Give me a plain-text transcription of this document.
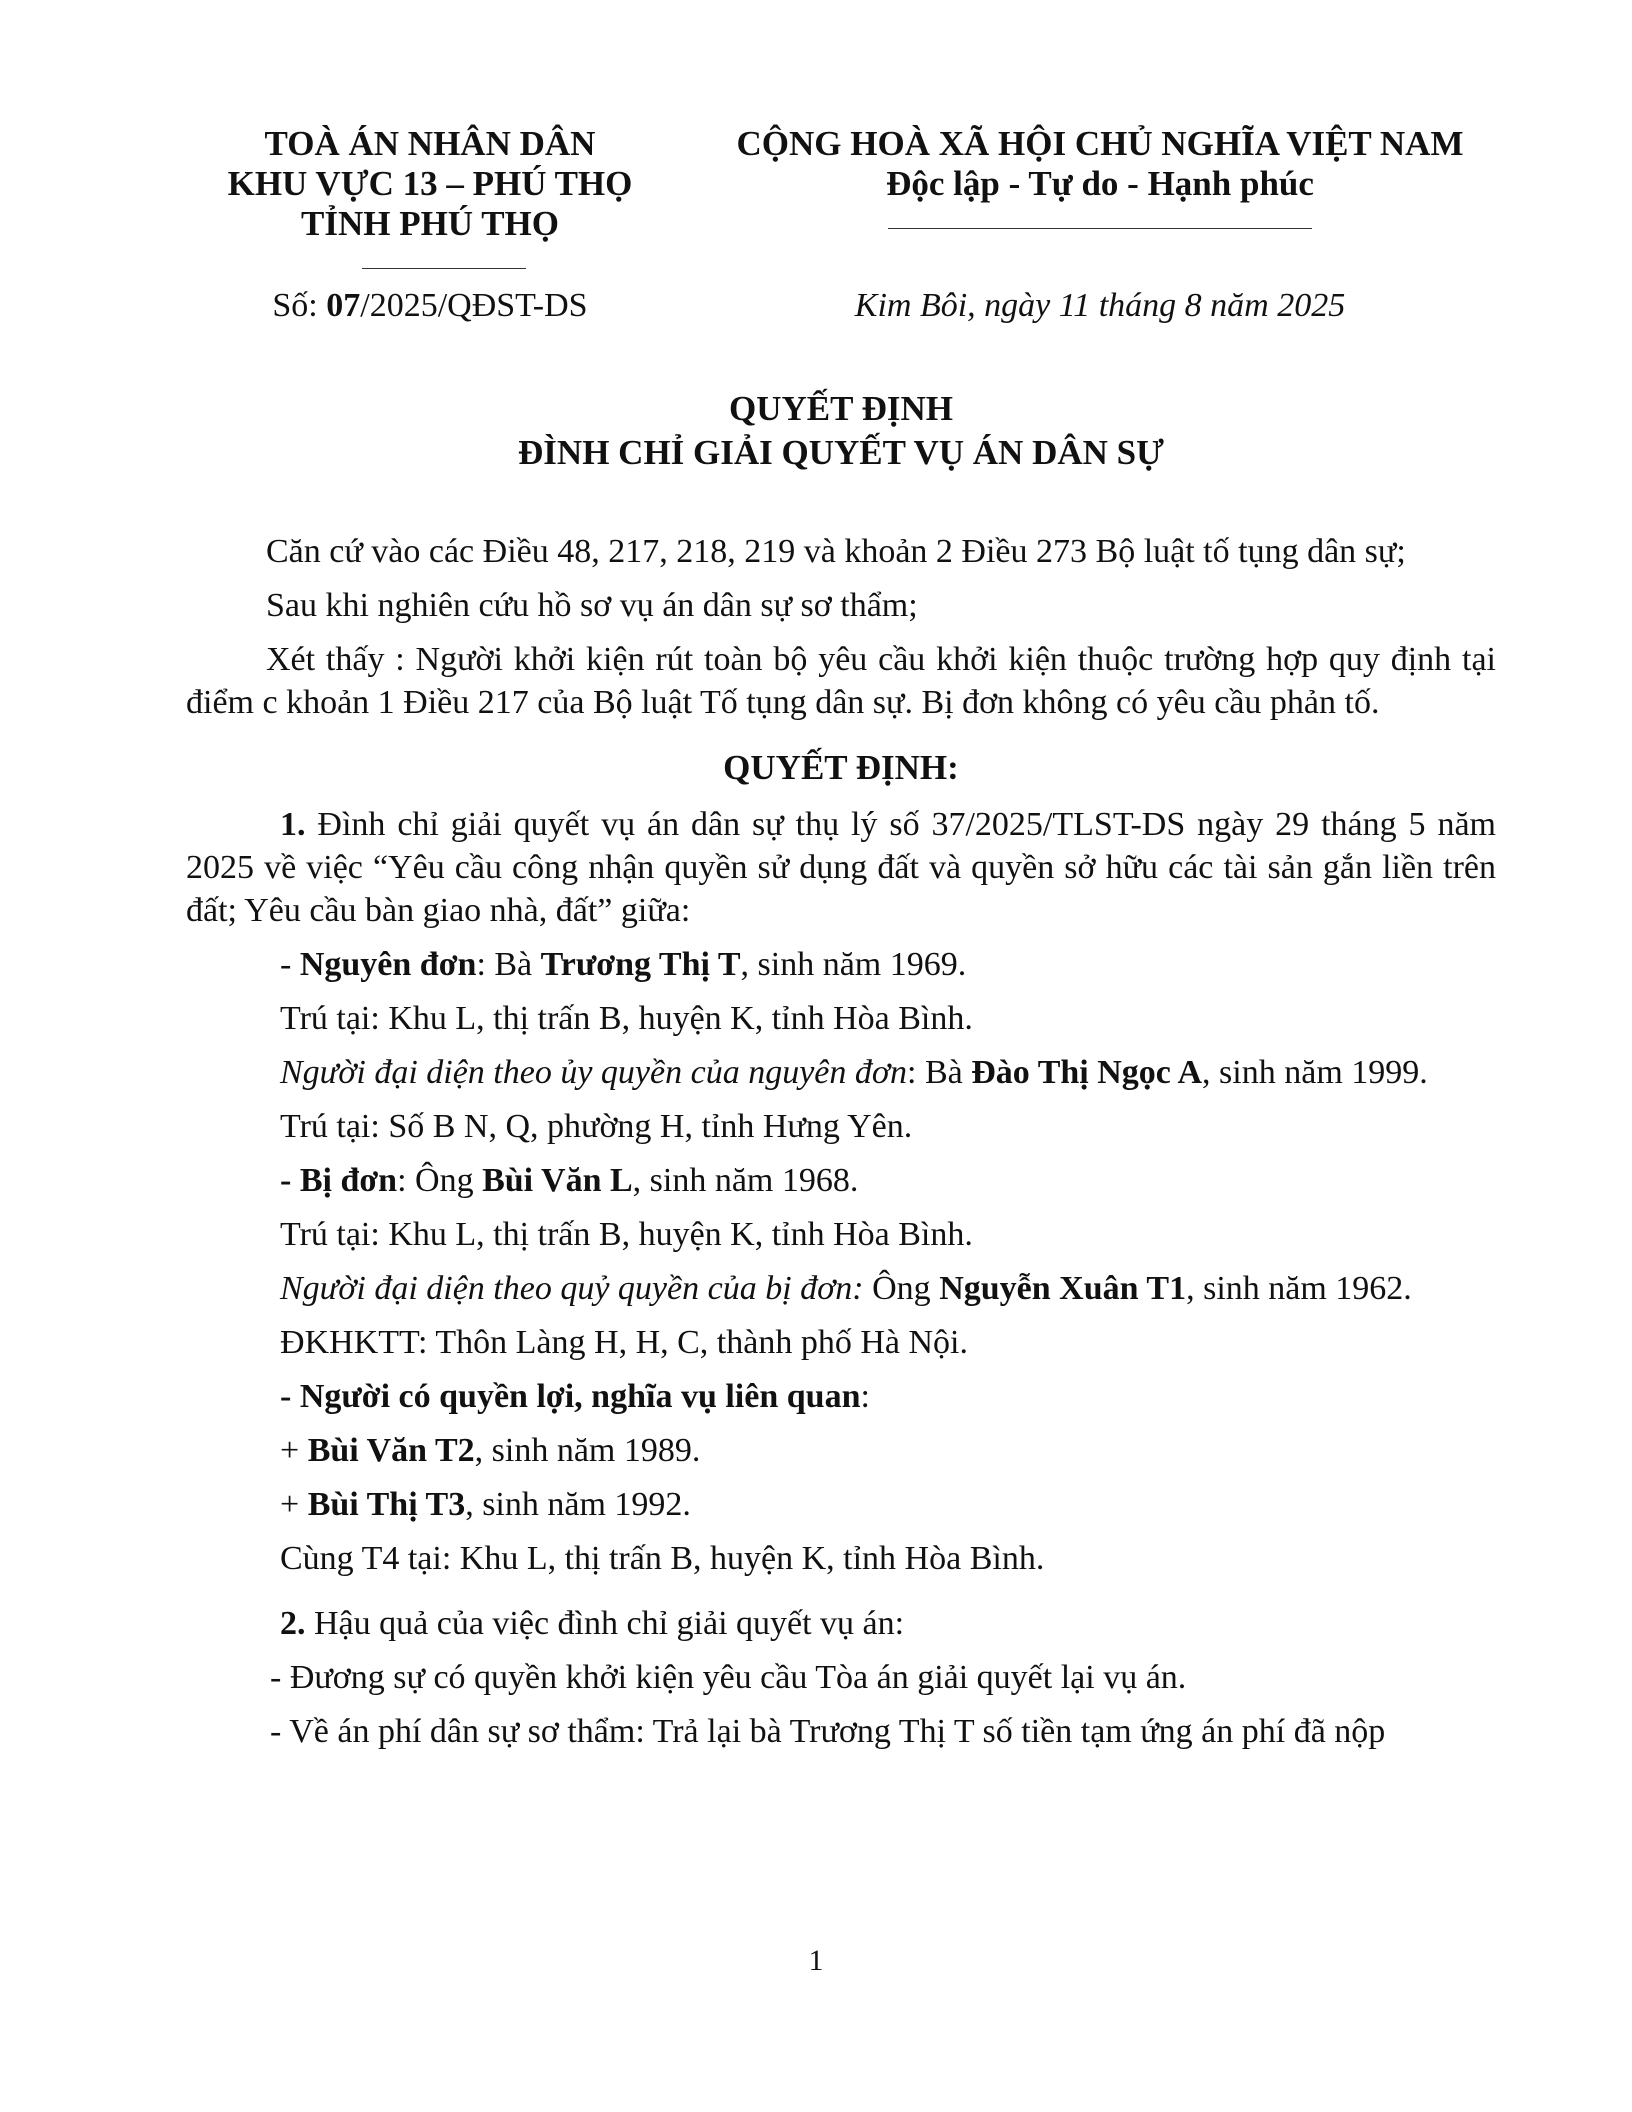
TOÀ ÁN NHÂN DÂN
KHU VỰC 13 – PHÚ THỌ
TỈNH PHÚ THỌ
CỘNG HOÀ XÃ HỘI CHỦ NGHĨA VIỆT NAM
Độc lập - Tự do - Hạnh phúc
Số: 07/2025/QĐST-DS	Kim Bôi, ngày 11 tháng 8 năm 2025
QUYẾT ĐỊNH
ĐÌNH CHỈ GIẢI QUYẾT VỤ ÁN DÂN SỰ

Căn cứ vào các Điều 48, 217, 218, 219 và khoản 2 Điều 273 Bộ luật tố tụng dân sự;

Sau khi nghiên cứu hồ sơ vụ án dân sự sơ thẩm;

Xét thấy : Người khởi kiện rút toàn bộ yêu cầu khởi kiện thuộc trường hợp quy định tại điểm c khoản 1 Điều 217 của Bộ luật Tố tụng dân sự. Bị đơn không có yêu cầu phản tố.

QUYẾT ĐỊNH:

1. Đình chỉ giải quyết vụ án dân sự thụ lý số 37/2025/TLST-DS ngày 29 tháng 5 năm 2025 về việc “Yêu cầu công nhận quyền sử dụng đất và quyền sở hữu các tài sản gắn liền trên đất; Yêu cầu bàn giao nhà, đất” giữa:

- Nguyên đơn: Bà Trương Thị T, sinh năm 1969.
Trú tại: Khu L, thị trấn B, huyện K, tỉnh Hòa Bình.

Người đại diện theo ủy quyền của nguyên đơn: Bà Đào Thị Ngọc A, sinh năm 1999.

Trú tại: Số B N, Q, phường H, tỉnh Hưng Yên.
- Bị đơn: Ông Bùi Văn L, sinh năm 1968.
Trú tại: Khu L, thị trấn B, huyện K, tỉnh Hòa Bình.

Người đại diện theo quỷ quyền của bị đơn: Ông Nguyễn Xuân T1, sinh năm 1962.

ĐKHKTT: Thôn Làng H, H, C, thành phố Hà Nội.
- Người có quyền lợi, nghĩa vụ liên quan:
+ Bùi Văn T2, sinh năm 1989.
+ Bùi Thị T3, sinh năm 1992.
Cùng T4 tại: Khu L, thị trấn B, huyện K, tỉnh Hòa Bình.
2. Hậu quả của việc đình chỉ giải quyết vụ án:
- Đương sự có quyền khởi kiện yêu cầu Tòa án giải quyết lại vụ án.
- Về án phí dân sự sơ thẩm: Trả lại bà Trương Thị T số tiền tạm ứng án phí đã nộp
1
